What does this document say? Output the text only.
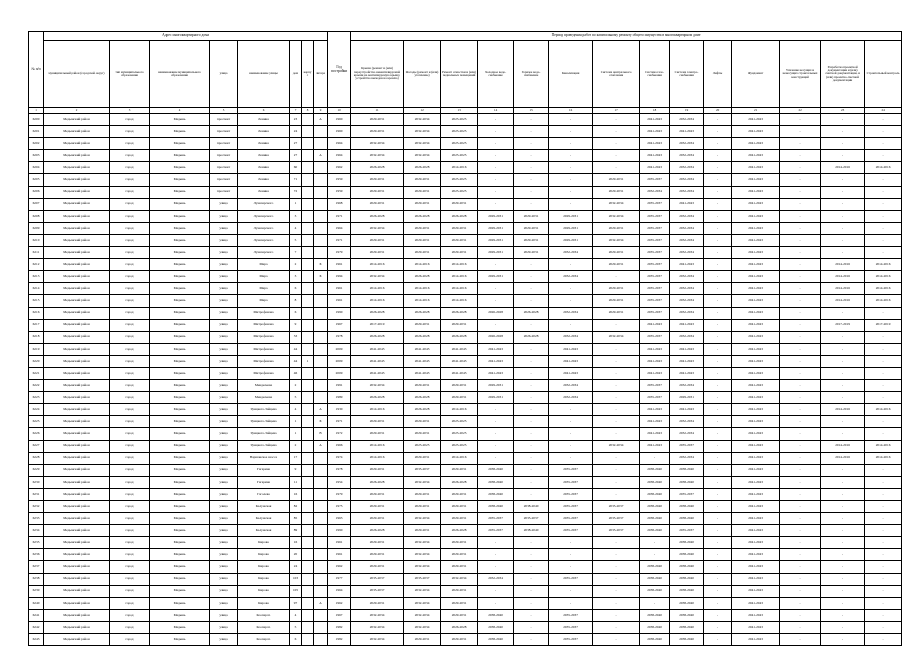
№ п/п	Адрес многоквартирного дома								Год постройки	Период проведения работ по капитальному ремонту общего имущества в многоквартирном доме													
	муниципальный район (городской округ)	тип муниципального образования	наименование муниципального образования	улица	наименование улицы	дом	корпус	литера		Крыша (ремонт и (или) переустройство невентилируемой крыши на вентилируемую крышу, устройство выходов на кровлю)	Фасады (ремонт и (или) утепление)	Ремонт отмостки и (или) подвальных помещений	Холодное водо-снабжение	Горячее водо-снабжение	Канализация	Система центрального отопления	Система газо-снабжения	Система электро-снабжения	Лифты	Фундамент	Усиление несущих и ненесущих строительных конструкций	Разработка проектной документации и (или) сметной документации, и (или) проектно-сметной документации	Строительный контроль
1	2	3	4	5	6	7	8	9	10	11	12	13	14	15	16	17	18	19	20	21	22	23	24
6200	Медынский район	город	Медынь	проспект	Ленина	23		А	1960	2029-2031	2032-2034	2023-2025	-	-	-	-	2041-2043	2032-2034	-	2041-2043	-	-	-
6201	Медынский район	город	Медынь	проспект	Ленина	24			1960	2029-2031	2032-2034	2023-2025	-	-	-	-	2041-2043	2041-2043	-	2041-2043	-	-	-
6202	Медынский район	город	Медынь	проспект	Ленина	27			1964	2032-2034	2032-2034	2023-2025	-	-	-	-	2041-2043	2032-2034	-	2041-2043	-	-	-
6203	Медынский район	город	Медынь	проспект	Ленина	27		А	1964	2032-2034	2032-2034	2023-2025	-	-	-	-	2041-2043	2032-2034	-	2041-2043	-	-	-
6204	Медынский район	город	Медынь	проспект	Ленина	60			1962	2026-2028	2026-2028	2014-2016	-	-	-	-	2041-2043	2032-2034	-	2041-2043	-	2014-2016	2014-2016
6205	Медынский район	город	Медынь	проспект	Ленина	71			1959	2029-2031	2029-2031	2023-2025	-	-	-	2029-2031	2035-2037	2032-2034	-	2041-2043	-	-	-
6206	Медынский район	город	Медынь	проспект	Ленина	72			1959	2029-2031	2029-2031	2023-2025	-	-	-	2029-2031	2032-2034	2032-2034	-	2041-2043	-	-	-
6207	Медынский район	город	Медынь	улица	Луначарского	1			1968	2029-2031	2029-2031	2029-2031	-	-	-	2032-2034	2035-2037	2041-2043	-	2041-2043	-	-	-
6208	Медынский район	город	Медынь	улица	Луначарского	3			1971	2026-2028	2026-2028	2026-2028	2029-2031	2029-2031	2029-2031	2032-2034	2035-2037	2032-2034	-	2041-2043	-	-	-
6209	Медынский район	город	Медынь	улица	Луначарского	4			1964	2032-2034	2029-2031	2029-2031	2029-2031	2029-2031	2029-2031	2029-2031	2035-2037	2032-2034	-	2041-2043	-	-	-
6210	Медынский район	город	Медынь	улица	Луначарского	5			1971	2029-2031	2029-2031	2029-2031	2029-2031	2029-2031	2029-2031	2032-2034	2035-2037	2032-2034	-	2041-2043	-	-	-
6211	Медынский район	город	Медынь	улица	Луначарского	7			1979	2029-2031	2029-2031	2029-2031	2029-2031	2029-2031	2032-2034	2029-2031	2035-2037	2032-2034	-	2041-2043	-	-	-
6212	Медынский район	город	Медынь	улица	Мира	2		Б	1961	2014-2016	2014-2016	2014-2016	-	-	-	2029-2031	2035-2037	2041-2043	-	2041-2043	-	2014-2016	2014-2016
6213	Медынский район	город	Медынь	улица	Мира	3		Б	1994	2032-2034	2026-2028	2014-2016	2029-2031	-	2032-2034	-	2035-2037	2032-2034	-	2041-2043	-	2014-2016	2014-2016
6214	Медынский район	город	Медынь	улица	Мира	6			1961	2014-2016	2014-2016	2014-2016	-	-	-	2029-2031	2035-2037	2032-2034	-	2041-2043	-	2014-2016	2014-2016
6215	Медынский район	город	Медынь	улица	Мира	8			1961	2014-2016	2014-2016	2014-2016	-	-	-	2029-2031	2035-2037	2032-2034	-	2041-2043	-	2014-2016	2014-2016
6216	Медынский район	город	Медынь	улица	Митрофанова	6			1990	2026-2028	2026-2028	2026-2028	2026-2028	2026-2028	2032-2034	2029-2031	2035-2037	2032-2034	-	2041-2043	-	-	-
6217	Медынский район	город	Медынь	улица	Митрофанова	9			1967	2017-2019	2029-2031	2029-2031	-	-	-	-	2041-2043	2041-2043	-	2041-2043	-	2017-2019	2017-2019
6218	Медынский район	город	Медынь	улица	Митрофанова	33			1978	2026-2028	2026-2028	2026-2028	2026-2028	2026-2028	2032-2034	2032-2034	2035-2037	2032-2034	-	2041-2043	-	-	-
6219	Медынский район	город	Медынь	улица	Митрофанова	44			2009	2041-2043	2041-2043	2041-2043	2041-2043	-	2041-2043	-	2041-2043	2041-2043	-	2041-2043	-	-	-
6220	Медынский район	город	Медынь	улица	Митрофанова	44	1		2009	2041-2043	2041-2043	2041-2043	2041-2043	-	2041-2043	-	2041-2043	2041-2043	-	2041-2043	-	-	-
6221	Медынский район	город	Медынь	улица	Митрофанова	46			2009	2041-2043	2041-2043	2041-2043	2041-2043	-	2041-2043	-	2041-2043	2041-2043	-	2041-2043	-	-	-
6222	Медынский район	город	Медынь	улица	Менделеева	2			1991	2032-2034	2029-2031	2029-2031	2029-2031	-	2032-2034	-	2035-2037	2032-2034	-	2041-2043	-	-	-
6223	Медынский район	город	Медынь	улица	Менделеева	5			1989	2026-2028	2026-2028	2029-2031	2029-2031	-	2032-2034	-	2035-2037	2029-2031	-	2041-2043	-	-	-
6224	Медынский район	город	Медынь	улица	Урицкого-Зайцева	4		А	1930	2014-2016	2026-2028	2014-2016	-	-	-	-	2041-2043	2041-2043	-	2041-2043	-	2014-2016	2014-2016
6225	Медынский район	город	Медынь	улица	Урицкого-Зайцева	1		Б	1971	2029-2031	2029-2031	2023-2025	-	-	-	-	2041-2043	2032-2034	-	2041-2043	-	-	-
6226	Медынский район	город	Медынь	улица	Урицкого-Зайцева	1		В	1972	2029-2031	2029-2031	2023-2025	-	-	-	-	2041-2043	2032-2034	-	2041-2043	-	-	-
6227	Медынский район	город	Медынь	улица	Урицкого-Зайцева	2		А	1966	2014-2016	2023-2025	2023-2025	-	-	-	2032-2034	2041-2043	2035-2037	-	2041-2043	-	2014-2016	2014-2016
6228	Медынский район	город	Медынь	улица	Варшавское шоссе	17			1974	2014-2016	2029-2031	2014-2016	-	-	-	-	-	2032-2034	-	2041-2043	-	2014-2016	2014-2016
6229	Медынский район	город	Медынь	улица	Гагарина	9			1978	2029-2031	2035-2037	2029-2031	2038-2040	-	2035-2037	-	2038-2040	2038-2040	-	2041-2043	-	-	-
6230	Медынский район	город	Медынь	улица	Гагарина	11			1954	2026-2028	2032-2034	2026-2028	2038-2040	-	2035-2037	-	2038-2040	2038-2040	-	2041-2043	-	-	-
6231	Медынский район	город	Медынь	улица	Гоголева	16			1979	2029-2031	2029-2031	2029-2031	2038-2040	-	2035-2037	-	2038-2040	2035-2037	-	2041-2043	-	-	-
6232	Медынский район	город	Медынь	улица	Калужская	82			1975	2029-2031	2029-2031	2029-2031	2038-2040	2038-2040	2035-2037	2035-2037	2038-2040	2038-2040	-	2041-2043	-	-	-
6233	Медынский район	город	Медынь	улица	Калужская	85			1963	2029-2031	2032-2034	2029-2031	2035-2037	2035-2037	2035-2037	2035-2037	2038-2040	2038-2040	-	2041-2043	-	-	-
6234	Медынский район	город	Медынь	улица	Калужская	89			1990	2026-2028	2029-2031	2026-2028	2035-2037	2038-2040	2035-2037	2035-2037	2038-2040	2035-2037	-	2041-2043	-	-	-
6235	Медынский район	город	Медынь	улица	Кирова	16			1961	2029-2031	2032-2034	2029-2031	-	-	-	-	-	2038-2040	-	2041-2043	-	-	-
6236	Медынский район	город	Медынь	улица	Кирова	20			1961	2029-2031	2032-2034	2029-2031	-	-	-	-	-	2038-2040	-	2041-2043	-	-	-
6237	Медынский район	город	Медынь	улица	Кирова	24			1962	2029-2031	2032-2034	2029-2031	-	-	-	-	2038-2040	2038-2040	-	2041-2043	-	-	-
6238	Медынский район	город	Медынь	улица	Кирова	103			1977	2035-2037	2035-2037	2032-2034	2032-2034	-	2035-2037	-	2038-2040	2038-2040	-	2041-2043	-	-	-
6239	Медынский район	город	Медынь	улица	Кирова	105			1964	2035-2037	2032-2034	2029-2031	-	-	-	-	2038-2040	2038-2040	-	2041-2043	-	-	-
6240	Медынский район	город	Медынь	улица	Кирова	97		А	1962	2029-2031	2032-2034	2029-2031	-	-	-	-	-	2038-2040	-	2041-2043	-	-	-
6241	Медынский район	город	Медынь	улица	Кооперат.	4			1967	2032-2034	2032-2034	2029-2031	2038-2040	-	2035-2037	-	2038-2040	2038-2040	-	2041-2043	-	-	-
6242	Медынский район	город	Медынь	улица	Кооперат.	5			1982	2032-2034	2032-2034	2026-2028	2038-2040	-	2035-2037	-	2038-2040	2038-2040	-	2041-2043	-	-	-
6243	Медынский район	город	Медынь	улица	Кооперат.	6			1982	2032-2034	2029-2031	2029-2031	2038-2040	-	2035-2037	-	2038-2040	2038-2040	-	2041-2043	-	-	-
